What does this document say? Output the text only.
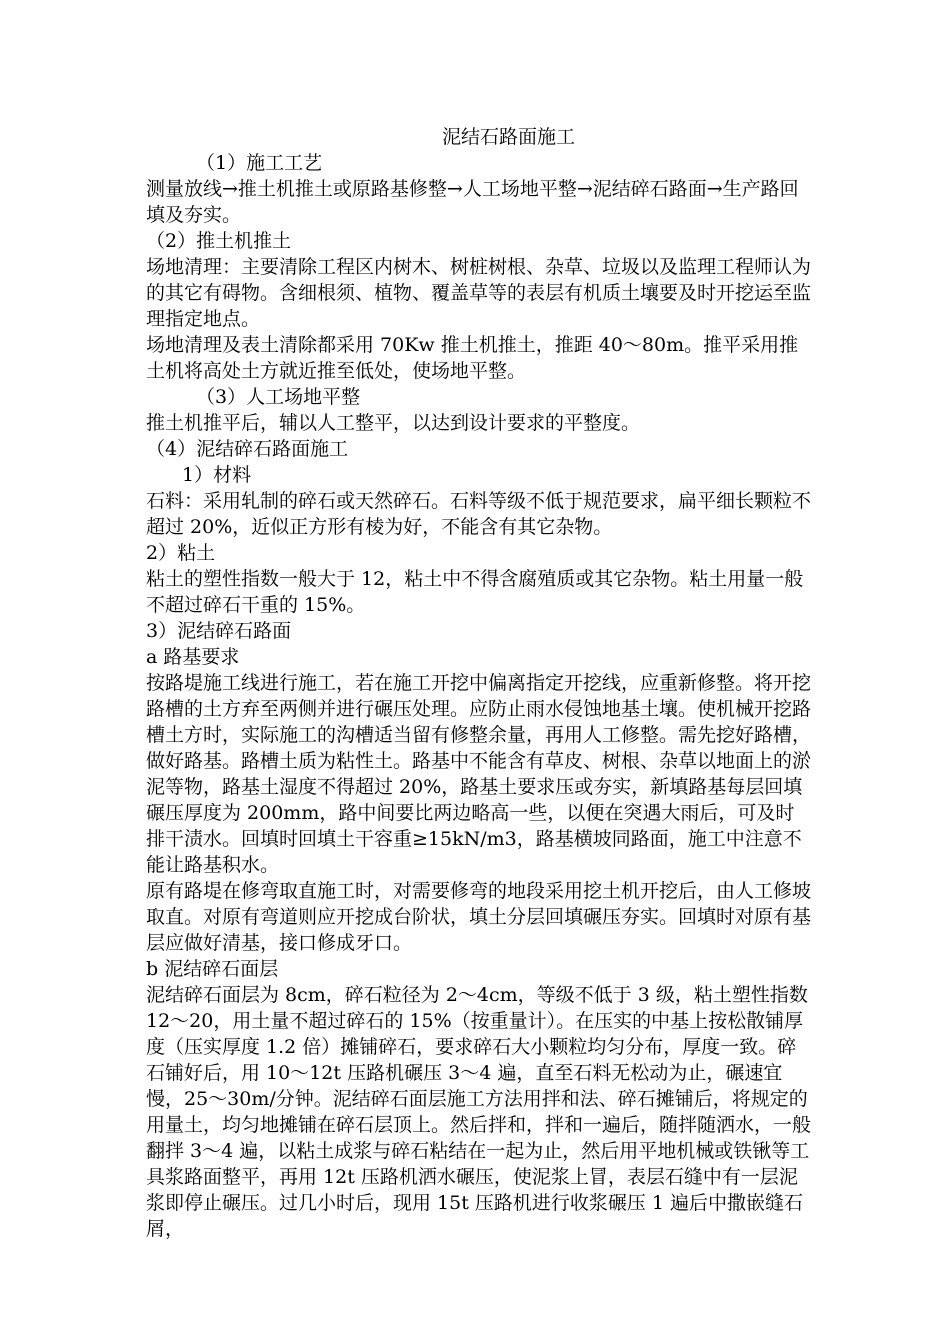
泥结石路面施工

（1）施工工艺

测量放线→推土机推土或原路基修整→人工场地平整→泥结碎石路面→生产路回填及夯实。

（2）推土机推土

场地清理：主要清除工程区内树木、树桩树根、杂草、垃圾以及监理工程师认为的其它有碍物。含细根须、植物、覆盖草等的表层有机质土壤要及时开挖运至监理指定地点。

场地清理及表土清除都采用 70Kw 推土机推土，推距 40～80m。推平采用推土机将高处土方就近推至低处，使场地平整。

（3）人工场地平整

推土机推平后，辅以人工整平，以达到设计要求的平整度。

（4）泥结碎石路面施工

1）材料

石料：采用轧制的碎石或天然碎石。石料等级不低于规范要求，扁平细长颗粒不超过 20%，近似正方形有棱为好，不能含有其它杂物。

2）粘土

粘土的塑性指数一般大于 12，粘土中不得含腐殖质或其它杂物。粘土用量一般不超过碎石干重的 15%。

3）泥结碎石路面

a 路基要求

按路堤施工线进行施工，若在施工开挖中偏离指定开挖线，应重新修整。将开挖路槽的土方弃至两侧并进行碾压处理。应防止雨水侵蚀地基土壤。使机械开挖路槽土方时，实际施工的沟槽适当留有修整余量，再用人工修整。需先挖好路槽，做好路基。路槽土质为粘性土。路基中不能含有草皮、树根、杂草以地面上的淤泥等物，路基土湿度不得超过 20%，路基土要求压或夯实，新填路基每层回填碾压厚度为 200mm，路中间要比两边略高一些，以便在突遇大雨后，可及时排干渍水。回填时回填土干容重≥15kN/m3，路基横坡同路面，施工中注意不能让路基积水。

原有路堤在修弯取直施工时，对需要修弯的地段采用挖土机开挖后，由人工修坡取直。对原有弯道则应开挖成台阶状，填土分层回填碾压夯实。回填时对原有基层应做好清基，接口修成牙口。

b 泥结碎石面层

泥结碎石面层为 8cm，碎石粒径为 2～4cm，等级不低于 3 级，粘土塑性指数 12～20，用土量不超过碎石的 15%（按重量计）。在压实的中基上按松散铺厚度（压实厚度 1.2 倍）摊铺碎石，要求碎石大小颗粒均匀分布，厚度一致。碎石铺好后，用 10～12t 压路机碾压 3～4 遍，直至石料无松动为止，碾速宜慢，25～30m/分钟。泥结碎石面层施工方法用拌和法、碎石摊铺后，将规定的用量土，均匀地摊铺在碎石层顶上。然后拌和，拌和一遍后，随拌随洒水，一般翻拌 3～4 遍，以粘土成浆与碎石粘结在一起为止，然后用平地机械或铁锹等工具浆路面整平，再用 12t 压路机洒水碾压，使泥浆上冒，表层石缝中有一层泥浆即停止碾压。过几小时后，现用 15t 压路机进行收浆碾压 1 遍后中撒嵌缝石屑，
